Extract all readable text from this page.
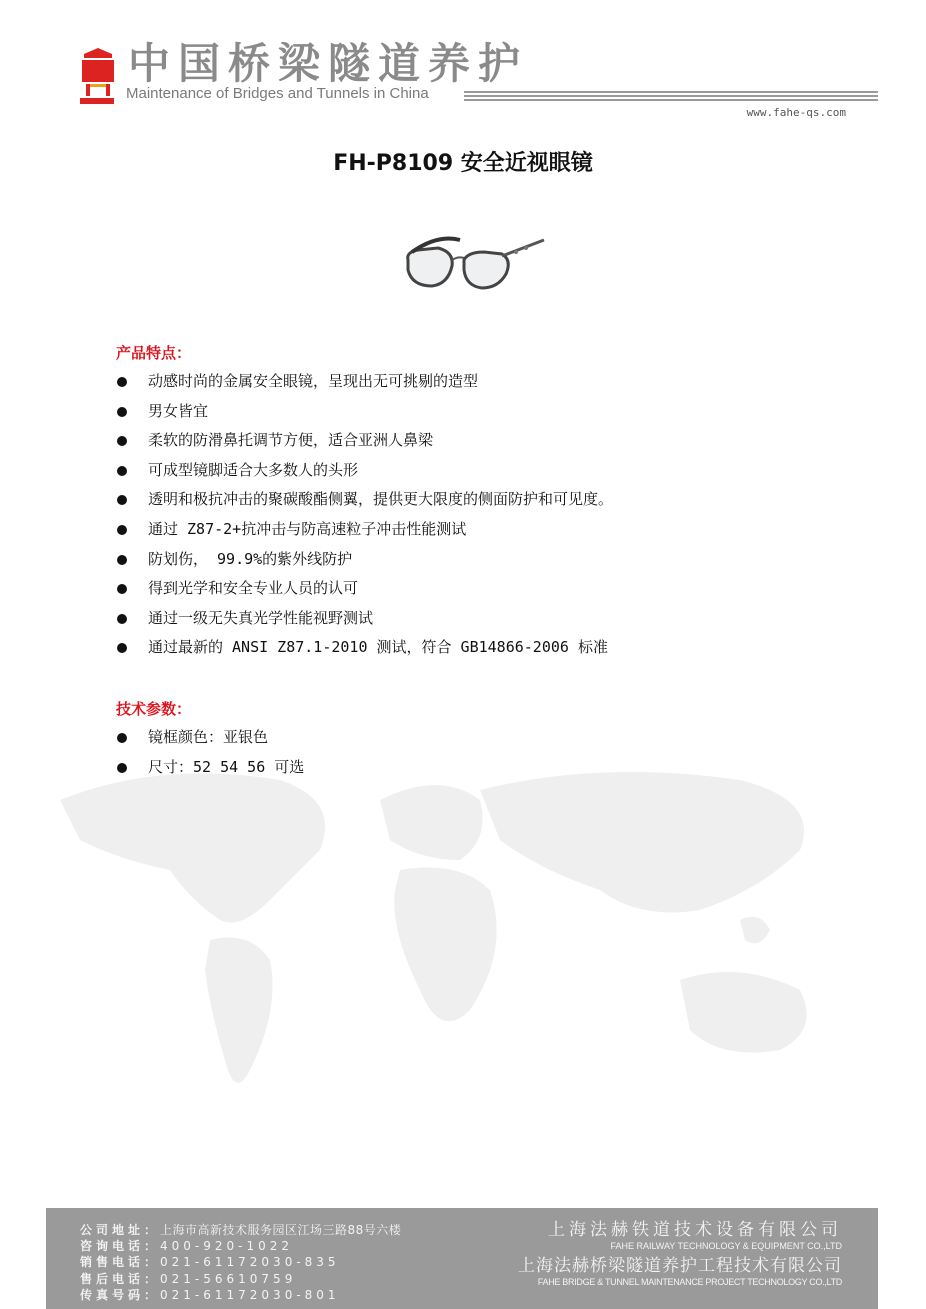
中国桥梁隧道养护
Maintenance of Bridges and Tunnels in China
www.fahe-qs.com
FH-P8109 安全近视眼镜
产品特点：
动感时尚的金属安全眼镜，呈现出无可挑剔的造型
男女皆宜
柔软的防滑鼻托调节方便，适合亚洲人鼻梁
可成型镜脚适合大多数人的头形
透明和极抗冲击的聚碳酸酯侧翼，提供更大限度的侧面防护和可见度。
通过 Z87-2+抗冲击与防高速粒子冲击性能测试
防划伤， 99.9%的紫外线防护
得到光学和安全专业人员的认可
通过一级无失真光学性能视野测试
通过最新的 ANSI Z87.1-2010 测试，符合 GB14866-2006 标准
技术参数：
镜框颜色：亚银色
尺寸：52 54 56 可选
公司地址：上海市高新技术服务园区江场三路88号六楼
咨询电话：400-920-1022
销售电话：021-61172030-835
售后电话：021-56610759
传真号码：021-61172030-801
上海法赫铁道技术设备有限公司
FAHE RAILWAY TECHNOLOGY & EQUIPMENT CO.,LTD
上海法赫桥梁隧道养护工程技术有限公司
FAHE BRIDGE & TUNNEL MAINTENANCE PROJECT TECHNOLOGY CO.,LTD
